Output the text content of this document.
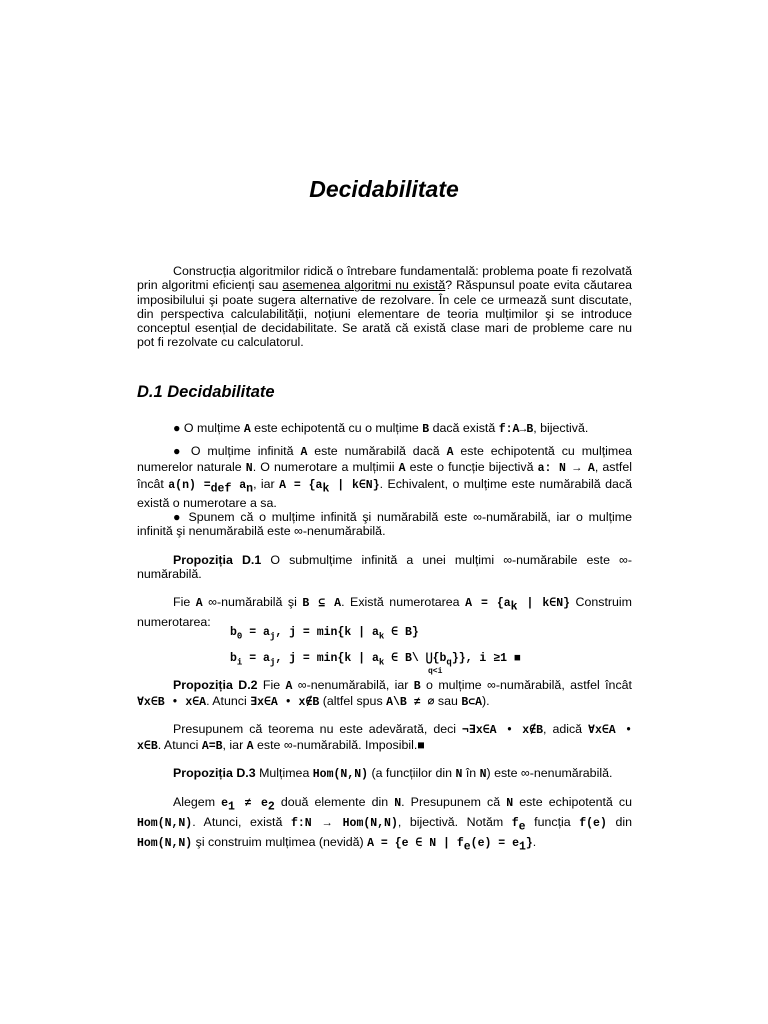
Decidabilitate

Construcția algoritmilor ridică o întrebare fundamentală: problema poate fi rezolvată prin algoritmi eficienți sau asemenea algoritmi nu există? Răspunsul poate evita căutarea imposibilului şi poate sugera alternative de rezolvare. În cele ce urmează sunt discutate, din perspectiva calculabilității, noțiuni elementare de teoria mulțimilor şi se introduce conceptul esențial de decidabilitate. Se arată că există clase mari de probleme care nu pot fi rezolvate cu calculatorul.

D.1 Decidabilitate

● O mulțime A este echipotentă cu o mulțime B dacă există f:A→B, bijectivă.

● O mulțime infinită A este numărabilă dacă A este echipotentă cu mulțimea numerelor naturale N. O numerotare a mulțimii A este o funcție bijectivă a: N → A, astfel încât $a(n) =_{def}$ $a_n$, iar $A = \{a_k$ | k∈N}. Echivalent, o mulțime este numărabilă dacă există o numerotare a sa.

● Spunem că o mulțime infinită şi numărabilă este ∞-numărabilă, iar o mulțime infinită şi nenumărabilă este ∞-nenumărabilă.

Propoziția D.1 O submulțime infinită a unei mulțimi ∞-numărabile este ∞-numărabilă.

Fie A ∞-numărabilă şi B ⊆ A. Există numerotarea $A = \{a_k$ | k∈N} Construim numerotarea:

$b_0 = a_j$, j = min{k | $a_k$ ∈ B}

$b_i = a_j$, j = min{k | $a_k$ ∈ B\ $⋃\{b_q\}$}, i ≥1 ■

q<i

Propoziția D.2 Fie A ∞-nenumărabilă, iar B o mulțime ∞-numărabilă, astfel încât ∀x∈B • x∈A. Atunci ∃x∈A • x∉B (altfel spus A\B ≠ ∅ sau B⊂A).

Presupunem că teorema nu este adevărată, deci ¬∃x∈A • x∉B, adică ∀x∈A • x∈B. Atunci A=B, iar A este ∞-numărabilă. Imposibil.■

Propoziția D.3 Mulțimea Hom(N,N) (a funcțiilor din N în N) este ∞-nenumărabilă.

Alegem $e_1 \ne e_2$ două elemente din N. Presupunem că N este echipotentă cu Hom(N,N). Atunci, există f:N → Hom(N,N), bijectivă. Notăm $f_e$ funcția f(e) din Hom(N,N) şi construim mulțimea (nevidă) A = {e ∈ N | $f_e(e) = e_1$}.
